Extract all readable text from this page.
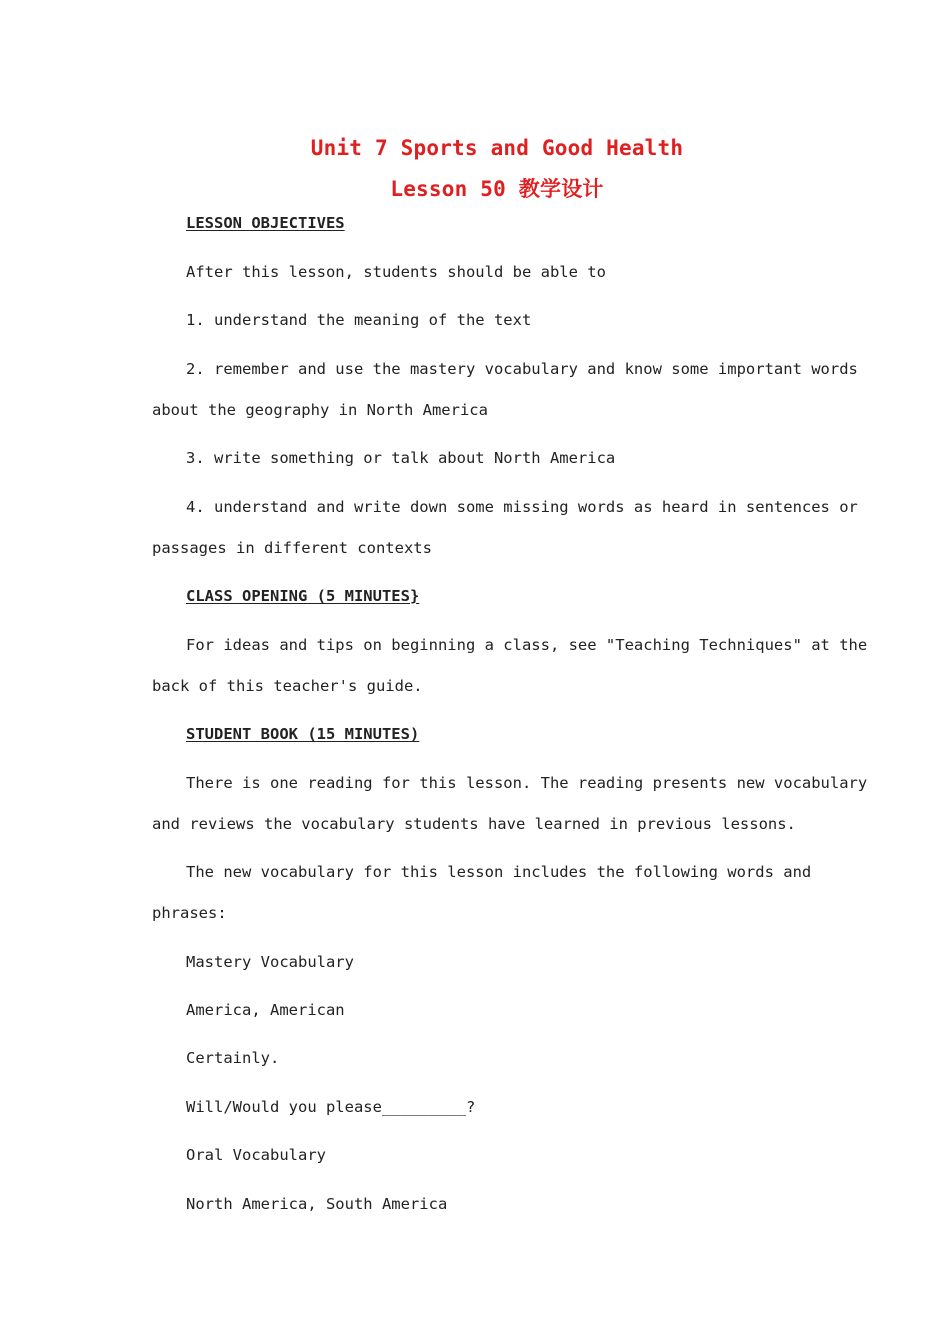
Unit 7 Sports and Good Health
Lesson 50 教学设计
LESSON OBJECTIVES
After this lesson, students should be able to
1. understand the meaning of the text
2. remember and use the mastery vocabulary and know some important words
about the geography in North America
3. write something or talk about North America
4. understand and write down some missing words as heard in sentences or
passages in different contexts
CLASS OPENING (5 MINUTES}
For ideas and tips on beginning a class, see "Teaching Techniques" at the
back of this teacher's guide.
STUDENT BOOK (15 MINUTES)
There is one reading for this lesson. The reading presents new vocabulary
and reviews the vocabulary students have learned in previous lessons.
The new vocabulary for this lesson includes the following words and
phrases:
Mastery Vocabulary
America, American
Certainly.
Will/Would you please_________?
Oral Vocabulary
North America, South America
